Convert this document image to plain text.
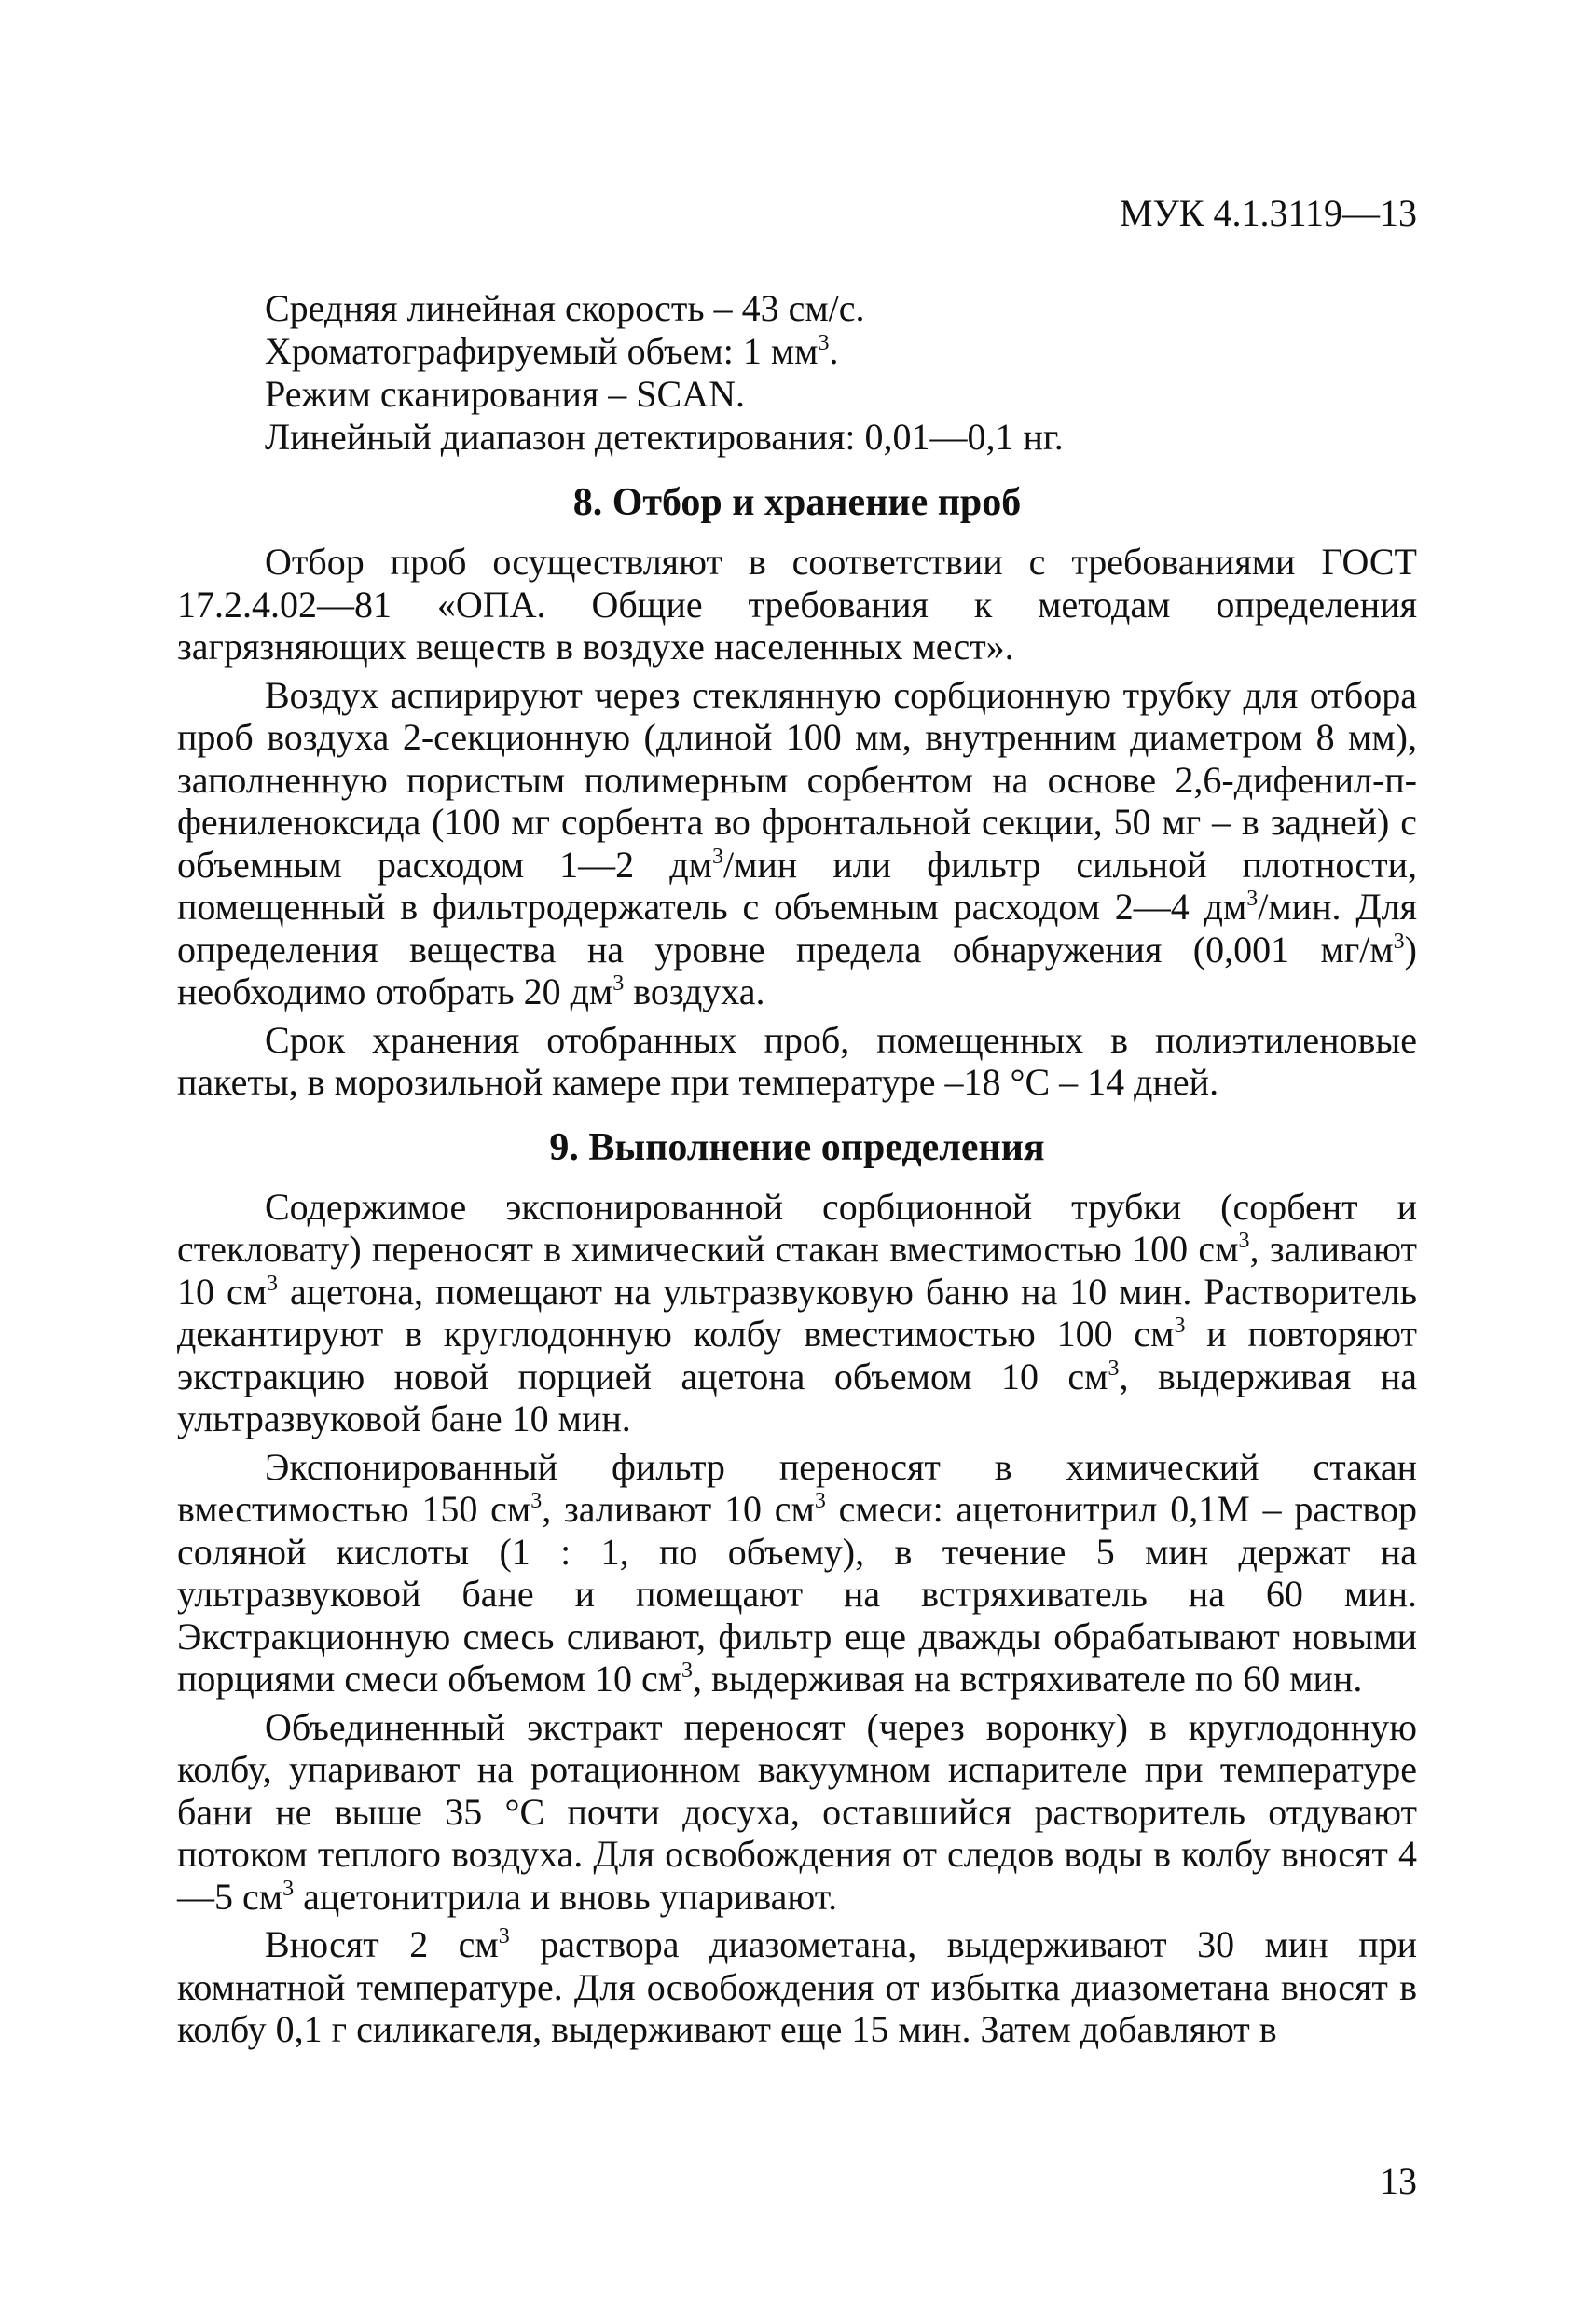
МУК 4.1.3119—13
Средняя линейная скорость – 43 см/с.
Хроматографируемый объем: 1 $мм^3$.
Режим сканирования – SCAN.
Линейный диапазон детектирования: 0,01—0,1 нг.
8. Отбор и хранение проб

Отбор проб осуществляют в соответствии с требованиями ГОСТ 17.2.4.02—81 «ОПА. Общие требования к методам определения загрязняющих веществ в воздухе населенных мест».

Воздух аспирируют через стеклянную сорбционную трубку для отбора проб воздуха 2-секционную (длиной 100 мм, внутренним диаметром 8 мм), заполненную пористым полимерным сорбентом на основе 2,6-дифенил-п-фениленоксида (100 мг сорбента во фронтальной секции, 50 мг – в задней) с объемным расходом 1—2 $дм^3$/мин или фильтр сильной плотности, помещенный в фильтродержатель с объемным расходом 2—4 $дм^3$/мин. Для определения вещества на уровне предела обнаружения (0,001 $мг/м^3$) необходимо отобрать 20 $дм^3$ воздуха.

Срок хранения отобранных проб, помещенных в полиэтиленовые пакеты, в морозильной камере при температуре –18 °С – 14 дней.

9. Выполнение определения

Содержимое экспонированной сорбционной трубки (сорбент и стекловату) переносят в химический стакан вместимостью 100 $см^3$, заливают 10 $см^3$ ацетона, помещают на ультразвуковую баню на 10 мин. Растворитель декантируют в круглодонную колбу вместимостью 100 $см^3$ и повторяют экстракцию новой порцией ацетона объемом 10 $см^3$, выдерживая на ультразвуковой бане 10 мин.

Экспонированный фильтр переносят в химический стакан вместимостью 150 $см^3$, заливают 10 $см^3$ смеси: ацетонитрил 0,1М – раствор соляной кислоты (1 : 1, по объему), в течение 5 мин держат на ультразвуковой бане и помещают на встряхиватель на 60 мин. Экстракционную смесь сливают, фильтр еще дважды обрабатывают новыми порциями смеси объемом 10 $см^3$, выдерживая на встряхивателе по 60 мин.

Объединенный экстракт переносят (через воронку) в круглодонную колбу, упаривают на ротационном вакуумном испарителе при температуре бани не выше 35 °С почти досуха, оставшийся растворитель отдувают потоком теплого воздуха. Для освобождения от следов воды в колбу вносят 4—5 $см^3$ ацетонитрила и вновь упаривают.

Вносят 2 $см^3$ раствора диазометана, выдерживают 30 мин при комнатной температуре. Для освобождения от избытка диазометана вносят в колбу 0,1 г силикагеля, выдерживают еще 15 мин. Затем добавляют в

13
